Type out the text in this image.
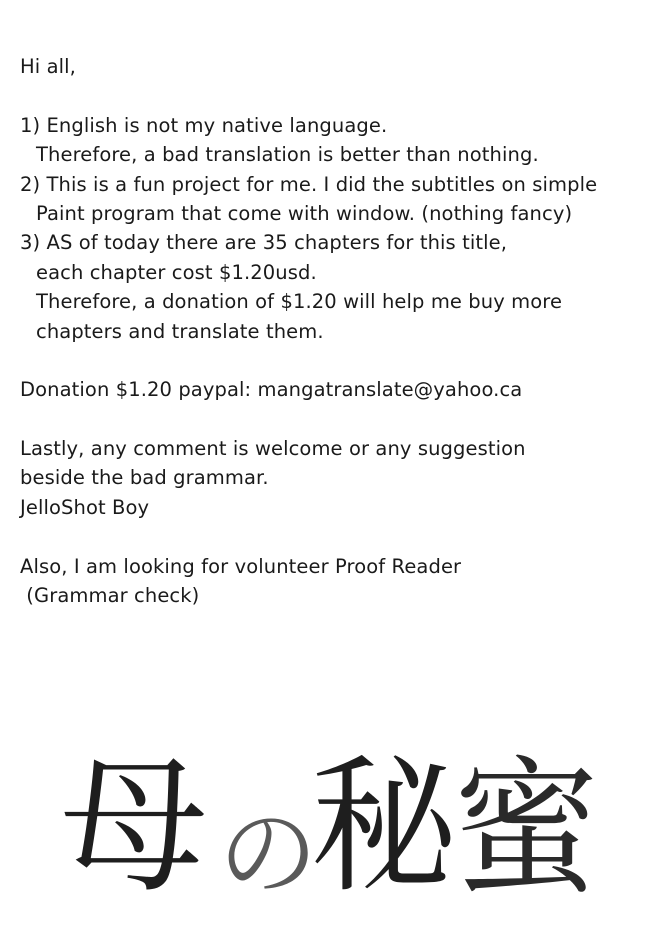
Hi all,
1) English is not my native language.
Therefore, a bad translation is better than nothing.
2) This is a fun project for me. I did the subtitles on simple
Paint program that come with window. (nothing fancy)
3) AS of today there are 35 chapters for this title,
each chapter cost $1.20usd.
Therefore, a donation of $1.20 will help me buy more
chapters and translate them.
Donation $1.20 paypal: mangatranslate@yahoo.ca
Lastly, any comment is welcome or any suggestion
beside the bad grammar.
JelloShot Boy
Also, I am looking for volunteer Proof Reader
(Grammar check)
母 の
秘
蜜
